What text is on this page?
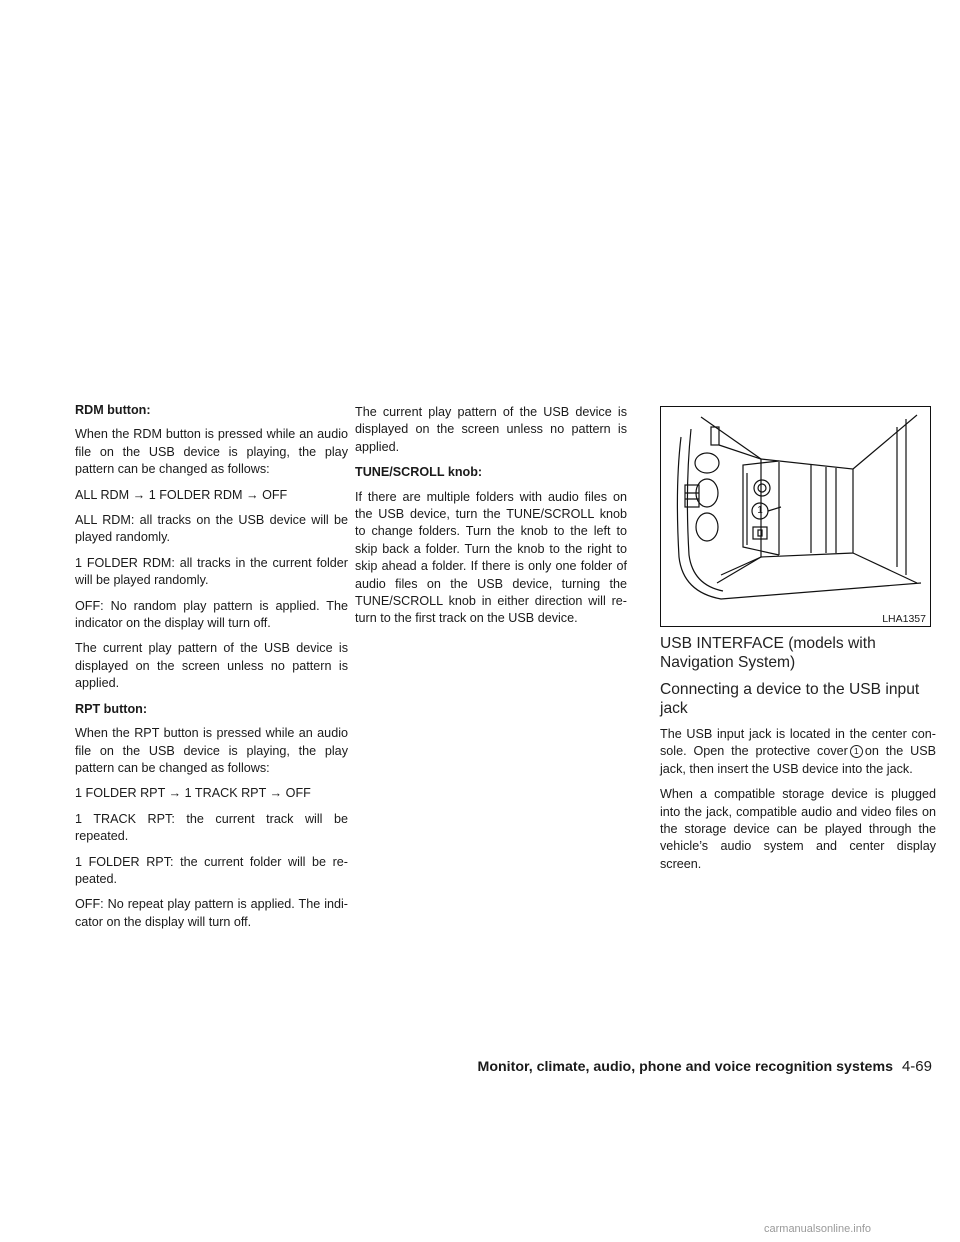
RDM button:

When the RDM button is pressed while an audio file on the USB device is playing, the play pattern can be changed as follows:

ALL RDM → 1 FOLDER RDM → OFF

ALL RDM: all tracks on the USB device will be played randomly.

1 FOLDER RDM: all tracks in the current folder will be played randomly.

OFF: No random play pattern is applied. The indicator on the display will turn off.

The current play pattern of the USB device is displayed on the screen unless no pattern is applied.

RPT button:

When the RPT button is pressed while an audio file on the USB device is playing, the play pattern can be changed as follows:

1 FOLDER RPT → 1 TRACK RPT → OFF

1 TRACK RPT: the current track will be repeated.

1 FOLDER RPT: the current folder will be re-peated.

OFF: No repeat play pattern is applied. The indi-cator on the display will turn off.

The current play pattern of the USB device is displayed on the screen unless no pattern is applied.

TUNE/SCROLL knob:

If there are multiple folders with audio files on the USB device, turn the TUNE/SCROLL knob to change folders. Turn the knob to the left to skip back a folder. Turn the knob to the right to skip ahead a folder. If there is only one folder of audio files on the USB device, turning the TUNE/SCROLL knob in either direction will re-turn to the first track on the USB device.

1
LHA1357
USB INTERFACE (models with Navigation System)
Connecting a device to the USB input jack

The USB input jack is located in the center con-sole. Open the protective cover 1 on the USB jack, then insert the USB device into the jack.

When a compatible storage device is plugged into the jack, compatible audio and video files on the storage device can be played through the vehicle’s audio system and center display screen.

Monitor, climate, audio, phone and voice recognition systems 4-69
carmanualsonline.info
